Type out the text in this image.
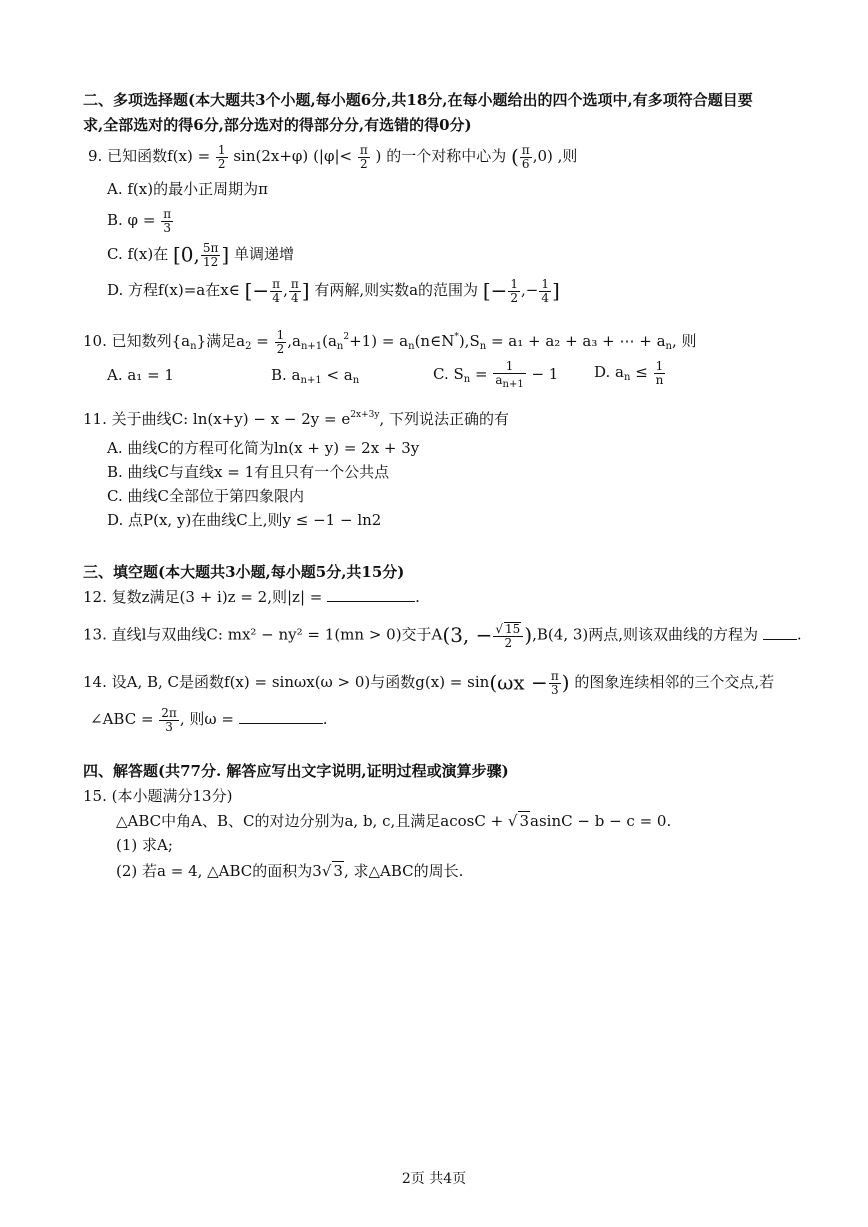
二、多项选择题(本大题共3个小题,每小题6分,共18分,在每小题给出的四个选项中,有多项符合题目要
求,全部选对的得6分,部分选对的得部分分,有选错的得0分)
9. 已知函数$f(x) = \frac{1}{2} \sin(2x+\varphi)$ ($|\varphi|< \frac{\pi}{2}$ ) 的一个对称中心为 ( $\frac{\pi}{6} ,0$) ,则
A. f(x)的最小正周期为π
B. $\varphi = \frac{\pi}{3}$
C. f(x)在 [0, $\frac{5\pi}{12}$ ] 单调递增
D. 方程f(x)=a在x∈ [− $\frac{\pi}{4}$ , $\frac{\pi}{4}$ ] 有两解,则实数a的范围为 [− $\frac{1}{2}$ ,− $\frac{1}{4}$ ]
10. 已知数列$\{a_n\}$满足$a_2 = \frac{1}{2} ,a_{n+1}(a_n^2+1)$ = $a_n(n\in N^*),S_n = a_1 + a_2 + a_3$ + ⋯ + $a_n$, 则
A. a₁ = 1	B. $a_{n+1} < a_n$	C. $S_n = \frac{1}{a_{n+1}} - 1$ D. $a_n \le \frac{1}{n}$
11. 关于曲线C: $\ln(x+y) - x - 2y = e^{2x+3y}$, 下列说法正确的有
A. 曲线C的方程可化简为ln(x + y) = 2x + 3y
B. 曲线C与直线x = 1有且只有一个公共点
C. 曲线C全部位于第四象限内
D. 点P(x, y)在曲线C上,则y ≤ −1 − ln2
三、填空题(本大题共3小题,每小题5分,共15分)
12. 复数z满足(3 + i)z = 2,则|z| =	.
13. 直线l与双曲线C: mx² − ny² = 1(mn > 0)交于A(3, − $\frac{√ 15}{2} ),B(4$, 3)两点,则该双曲线的方程为	.
14. 设A, B, C是函数f(x) = sinωx(ω > 0)与函数$g(x) = \sin(\omega x - \frac{\pi}{3}$ ) 的图象连续相邻的三个交点,若
∠ABC = $\frac{2\pi}{3}$ , 则ω =	.
四、解答题(共77分. 解答应写出文字说明,证明过程或演算步骤)
15. (本小题满分13分)
△ABC中角A、B、C的对边分别为a, b, c,且满足acosC + √ 3asinC − b − c = 0.
(1) 求A;
(2) 若a = 4, △ABC的面积为3√ 3, 求△ABC的周长.
2页 共4页
